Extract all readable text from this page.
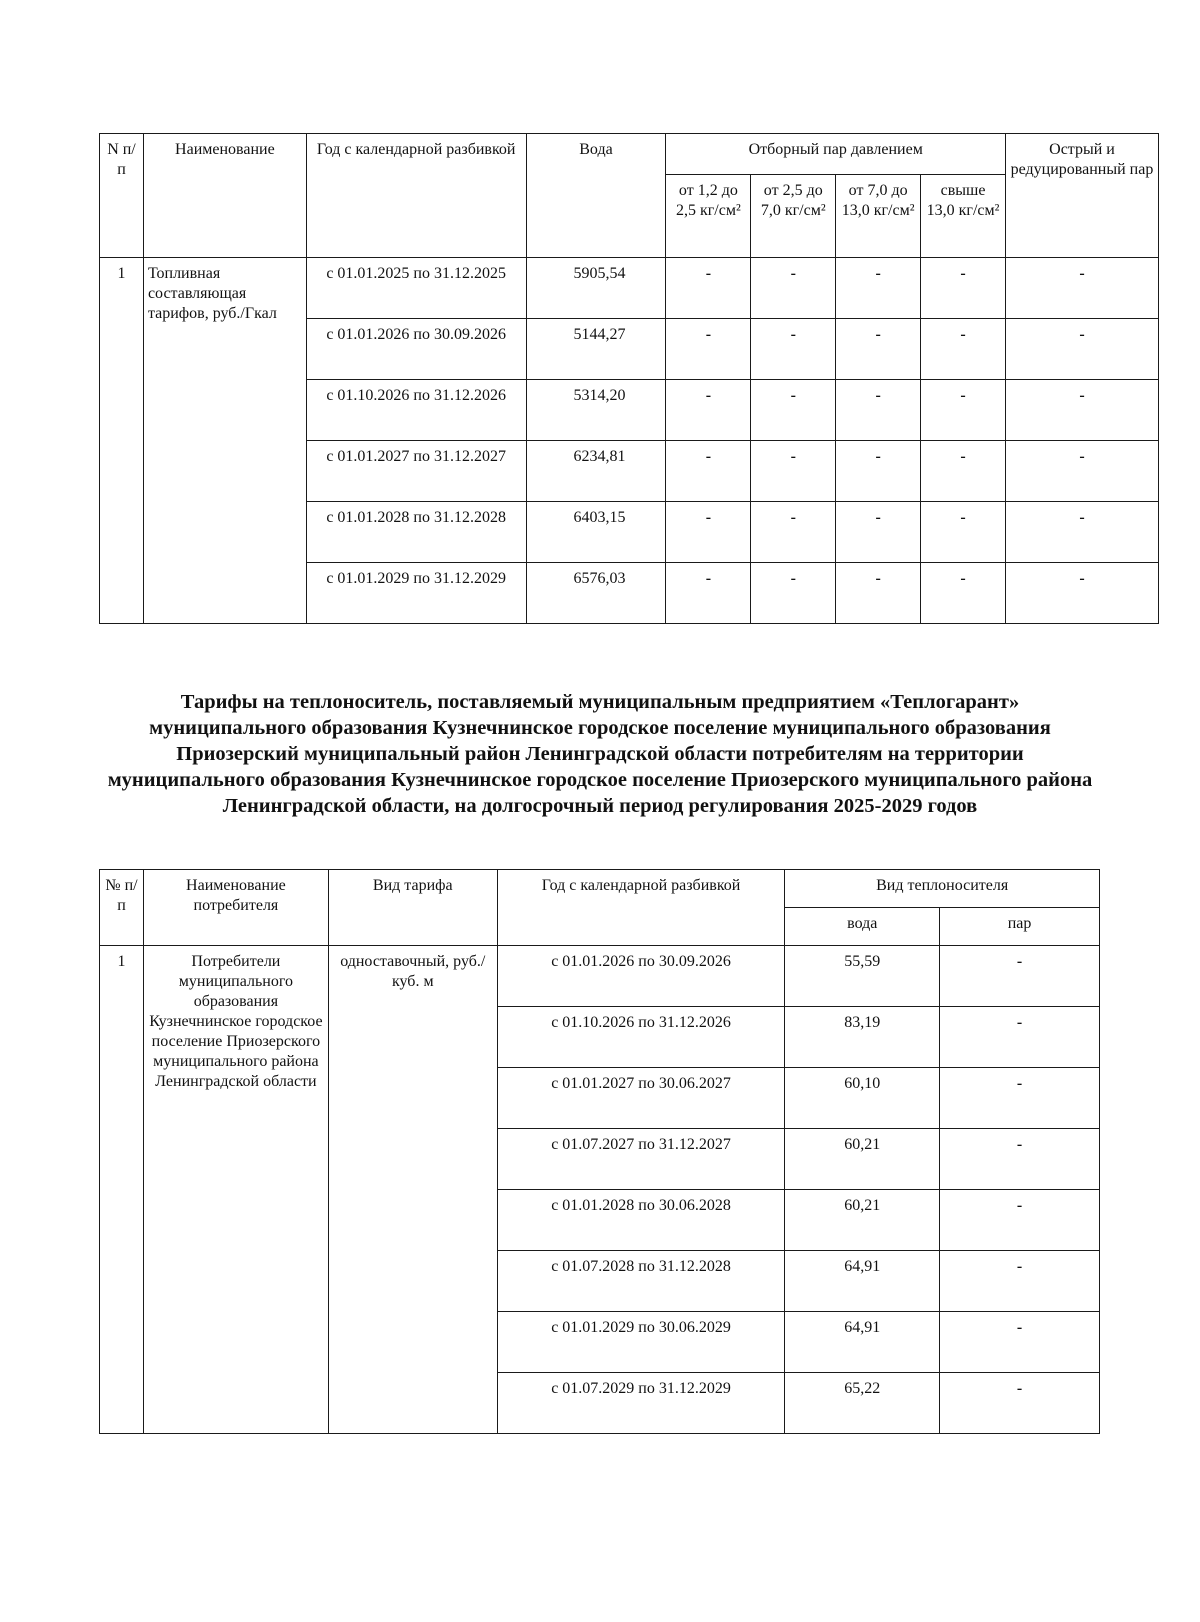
N п/п	Наименование	Год с календарной разбивкой	Вода	Отборный пар давлением				Острый и редуцированный пар
				от 1,2 до 2,5 кг/см²	от 2,5 до 7,0 кг/см²	от 7,0 до 13,0 кг/см²	свыше 13,0 кг/см²	
1	Топливная составляющая тарифов, руб./Гкал	с 01.01.2025 по 31.12.2025	5905,54	-	-	-	-	-
		с 01.01.2026 по 30.09.2026	5144,27	-	-	-	-	-
		с 01.10.2026 по 31.12.2026	5314,20	-	-	-	-	-
		с 01.01.2027 по 31.12.2027	6234,81	-	-	-	-	-
		с 01.01.2028 по 31.12.2028	6403,15	-	-	-	-	-
		с 01.01.2029 по 31.12.2029	6576,03	-	-	-	-	-
Тарифы на теплоноситель, поставляемый муниципальным предприятием «Теплогарант» муниципального образования Кузнечнинское городское поселение муниципального образования Приозерский муниципальный район Ленинградской области потребителям на территории муниципального образования Кузнечнинское городское поселение Приозерского муниципального района Ленинградской области, на долгосрочный период регулирования 2025-2029 годов
№ п/п	Наименование потребителя	Вид тарифа	Год с календарной разбивкой	Вид теплоносителя	
				вода	пар
1	Потребители муниципального образования Кузнечнинское городское поселение Приозерского муниципального района Ленинградской области	одноставочный, руб./куб. м	с 01.01.2026 по 30.09.2026	55,59	-
			с 01.10.2026 по 31.12.2026	83,19	-
			с 01.01.2027 по 30.06.2027	60,10	-
			с 01.07.2027 по 31.12.2027	60,21	-
			с 01.01.2028 по 30.06.2028	60,21	-
			с 01.07.2028 по 31.12.2028	64,91	-
			с 01.01.2029 по 30.06.2029	64,91	-
			с 01.07.2029 по 31.12.2029	65,22	-
